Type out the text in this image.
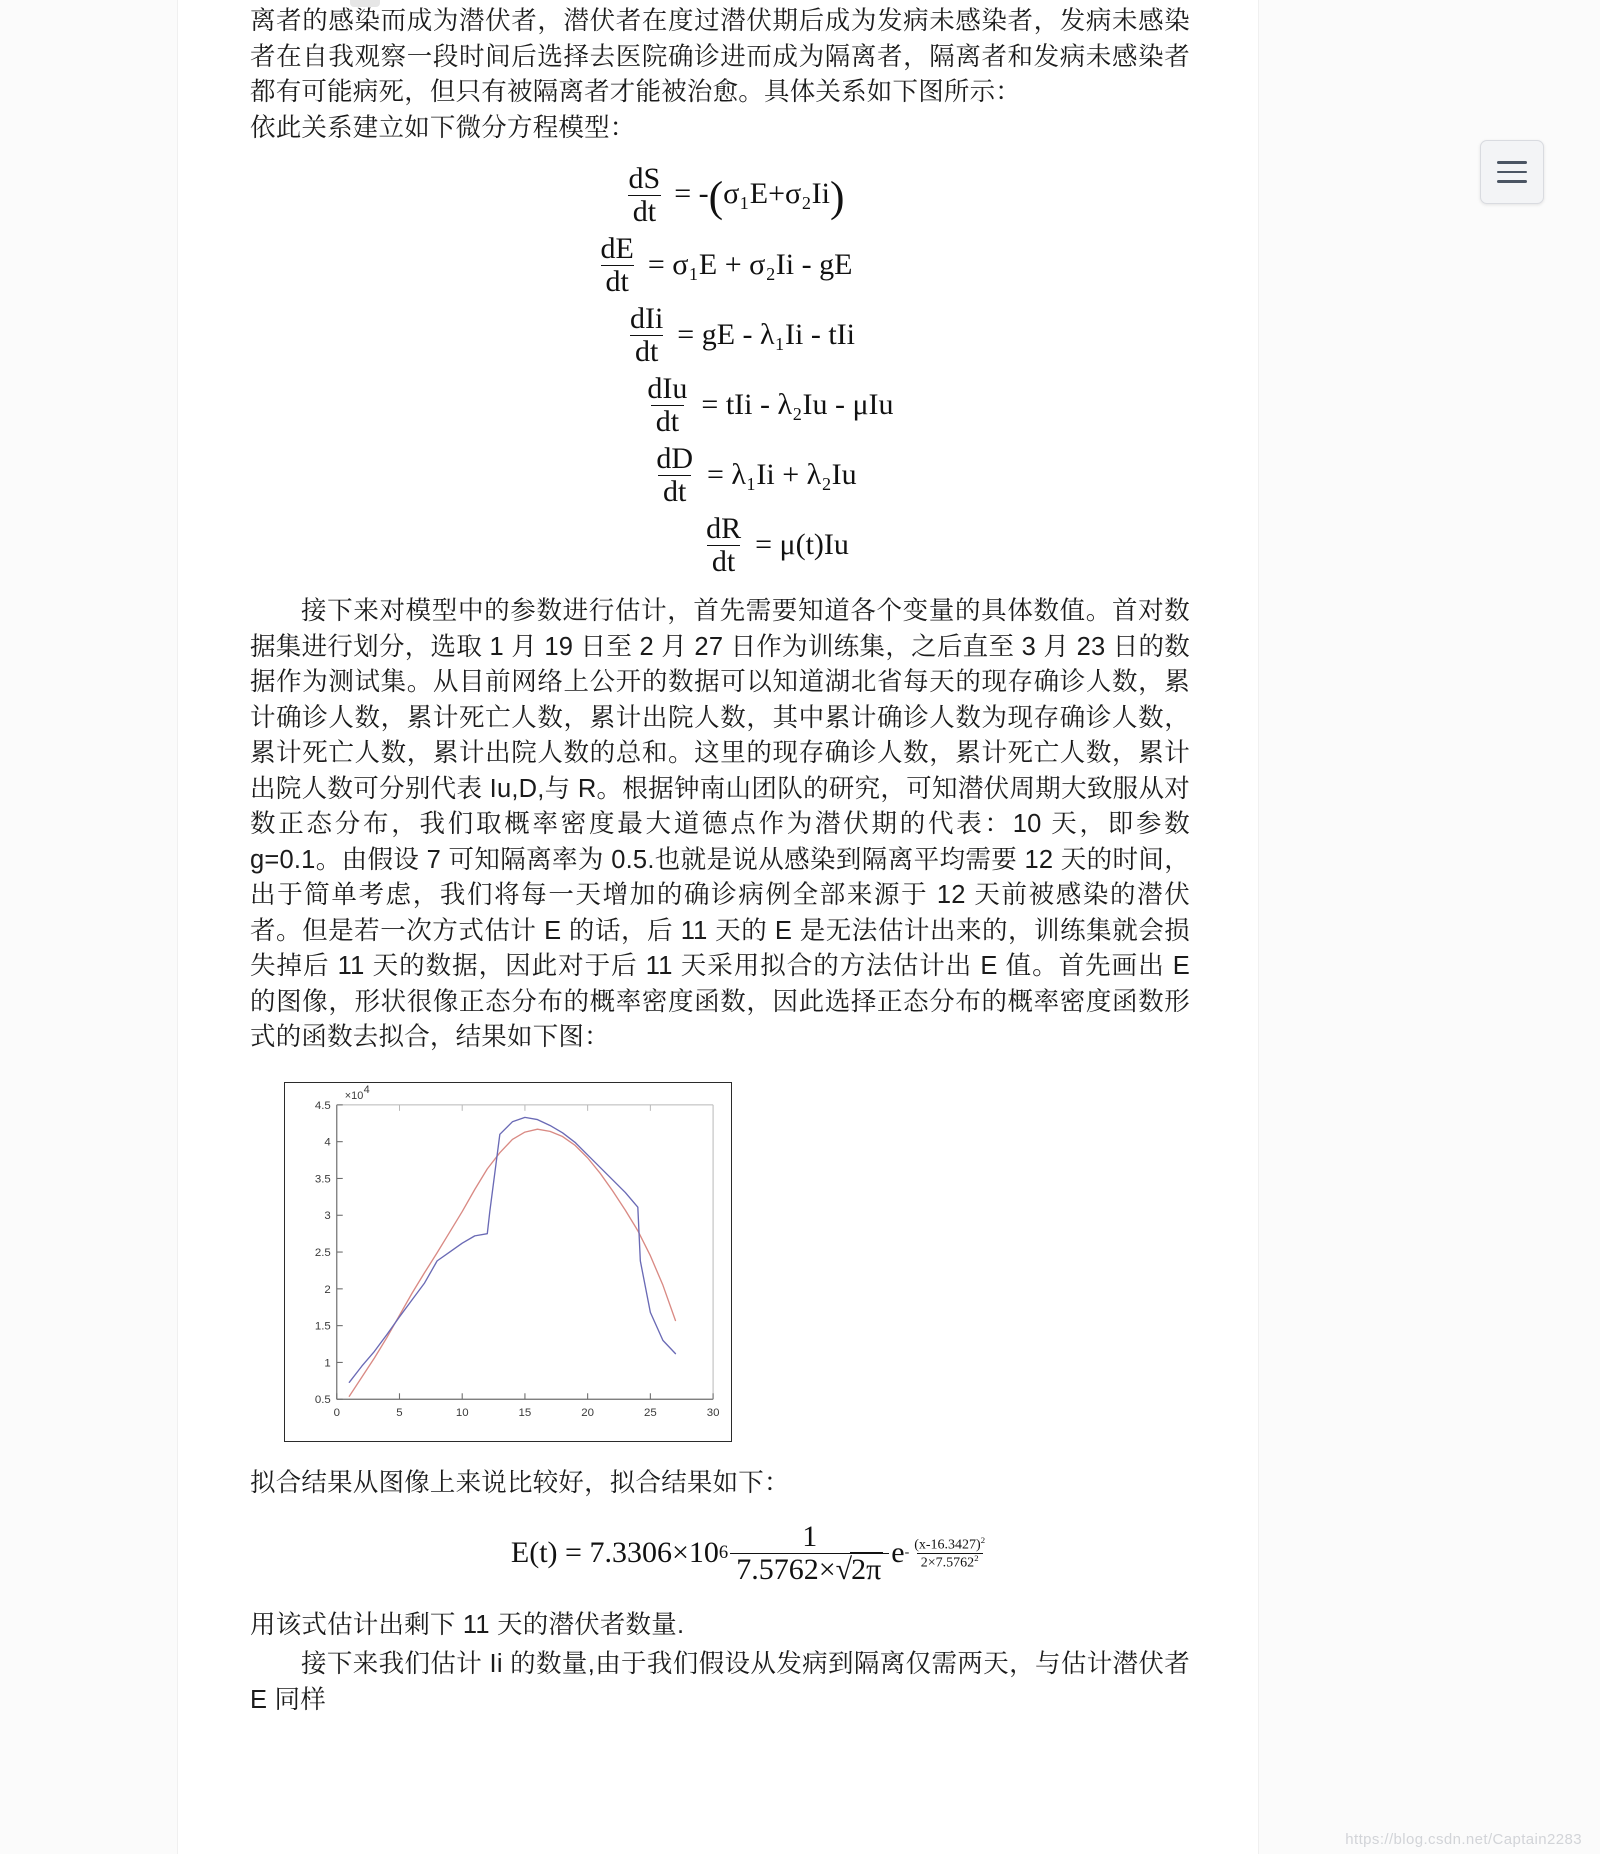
离者的感染而成为潜伏者，潜伏者在度过潜伏期后成为发病未感染者，发病未感染者在自我观察一段时间后选择去医院确诊进而成为隔离者，隔离者和发病未感染者都有可能病死，但只有被隔离者才能被治愈。具体关系如下图所示：

依此关系建立如下微分方程模型：

$\frac{dS}{dt} = -(\sigma_1E+\sigma_2Ii)$
$\frac{dE}{dt} = \sigma_1E + \sigma_2Ii$ - gE
$\frac{\text{dIi}}{dt}$ = gE - λ₁Ii - tIi
$\frac{\text{dIu}}{dt}$ = tIi - λ₂Iu - μIu
$\frac{dD}{dt} = \lambda_1Ii + \lambda_2Iu$
$\frac{dR}{dt} = \mu(t)Iu$

接下来对模型中的参数进行估计，首先需要知道各个变量的具体数值。首对数据集进行划分，选取 1 月 19 日至 2 月 27 日作为训练集，之后直至 3 月 23 日的数据作为测试集。从目前网络上公开的数据可以知道湖北省每天的现存确诊人数，累计确诊人数，累计死亡人数，累计出院人数，其中累计确诊人数为现存确诊人数，累计死亡人数，累计出院人数的总和。这里的现存确诊人数，累计死亡人数，累计出院人数可分别代表 Iu,D,与 R。根据钟南山团队的研究，可知潜伏周期大致服从对数正态分布，我们取概率密度最大道德点作为潜伏期的代表：10 天，即参数 g=0.1。由假设 7 可知隔离率为 0.5.也就是说从感染到隔离平均需要 12 天的时间，出于简单考虑，我们将每一天增加的确诊病例全部来源于 12 天前被感染的潜伏者。但是若一次方式估计 E 的话，后 11 天的 E 是无法估计出来的，训练集就会损失掉后 11 天的数据，因此对于后 11 天采用拟合的方法估计出 E 值。首先画出 E 的图像，形状很像正态分布的概率密度函数，因此选择正态分布的概率密度函数形式的函数去拟合，结果如下图：

0.5
1
1.5
2
2.5
3
3.5
4
4.5
0	5	10	15	20	25	30
×10 4

拟合结果从图像上来说比较好，拟合结果如下：

E(t) = 7.3306×10 $6 \frac{1}{7.5762\times√2\pi}$ e - $\frac{(x-16.3427)^2}{2\times 7.5762^2}$

用该式估计出剩下 11 天的潜伏者数量.

接下来我们估计 Ii 的数量,由于我们假设从发病到隔离仅需两天，与估计潜伏者 E 同样

https://blog.csdn.net/Captain2283
